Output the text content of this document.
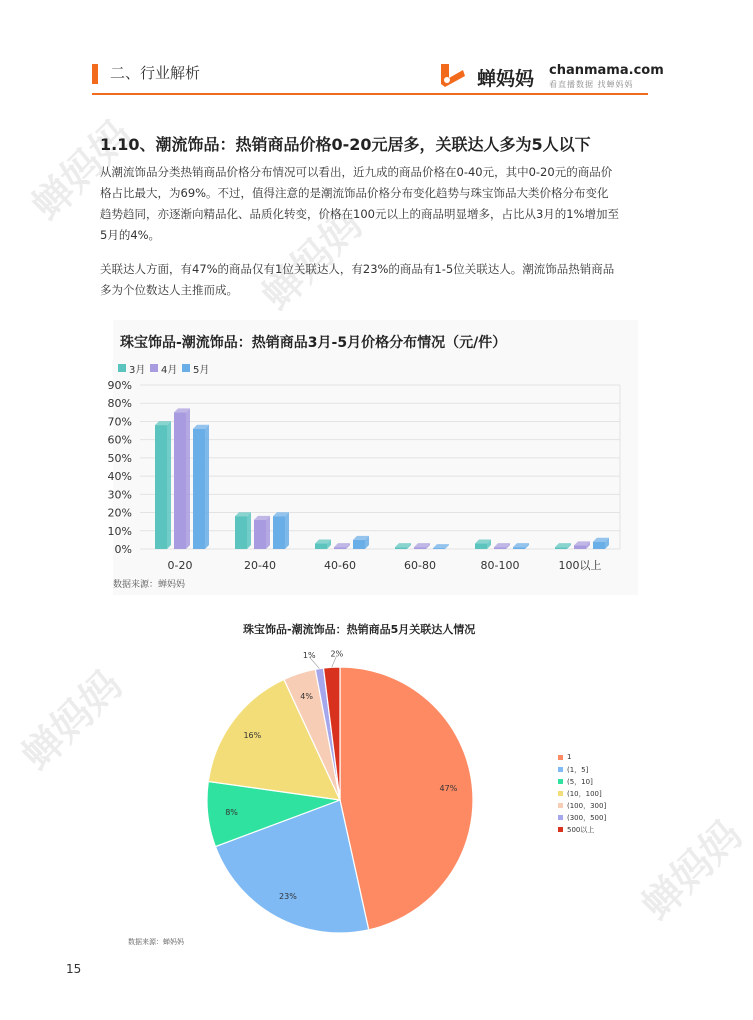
蝉妈妈
蝉妈妈
蝉妈妈
蝉妈妈
二、行业解析	蝉妈妈 chanmama.com
看直播数据 找蝉妈妈
1.10、潮流饰品：热销商品价格0-20元居多，关联达人多为5人以下
从潮流饰品分类热销商品价格分布情况可以看出，近九成的商品价格在0-40元，其中0-20元的商品价
格占比最大，为69%。不过，值得注意的是潮流饰品价格分布变化趋势与珠宝饰品大类价格分布变化
趋势趋同，亦逐渐向精品化、品质化转变，价格在100元以上的商品明显增多，占比从3月的1%增加至
5月的4%。
关联达人方面，有47%的商品仅有1位关联达人，有23%的商品有1-5位关联达人。潮流饰品热销商品
多为个位数达人主推而成。
珠宝饰品-潮流饰品：热销商品3月-5月价格分布情况（元/件）
3月	4月	5月
0%
10%
20%
30%
40%
50%
60%
70%
80%
90%
0-20	20-40	40-60	60-80	80-100	100以上
数据来源：蝉妈妈
珠宝饰品-潮流饰品：热销商品5月关联达人情况
47%
23%
8%
16%
4%
1% 2%
1
(1，5]
(5，10]
(10，100]
(100，300]
(300，500]
500以上
数据来源：蝉妈妈
15
